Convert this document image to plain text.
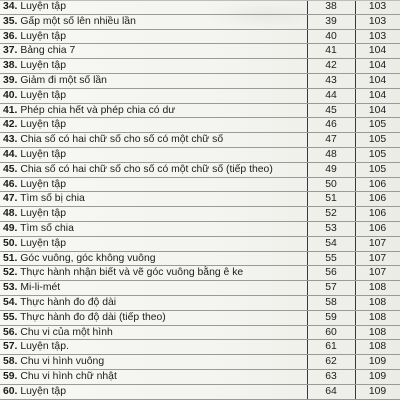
34. Luyện tập	38	103
35. Gấp một số lên nhiều lần	39	103
36. Luyện tập	40	103
37. Bảng chia 7	41	104
38. Luyện tập	42	104
39. Giảm đi một số lần	43	104
40. Luyện tập	44	104
41. Phép chia hết và phép chia có dư	45	104
42. Luyện tập	46	105
43. Chia số có hai chữ số cho số có một chữ số	47	105
44. Luyện tập	48	105
45. Chia số có hai chữ số cho số có một chữ số (tiếp theo)	49	105
46. Luyện tập	50	106
47. Tìm số bị chia	51	106
48. Luyện tập	52	106
49. Tìm số chia	53	106
50. Luyện tập	54	107
51. Góc vuông, góc không vuông	55	107
52. Thực hành nhận biết và vẽ góc vuông bằng ê ke	56	107
53. Mi-li-mét	57	108
54. Thực hành đo độ dài	58	108
55. Thực hành đo độ dài (tiếp theo)	59	108
56. Chu vi của một hình	60	108
57. Luyện tập.	61	108
58. Chu vi hình vuông	62	109
59. Chu vi hình chữ nhật	63	109
60. Luyện tập	64	109
